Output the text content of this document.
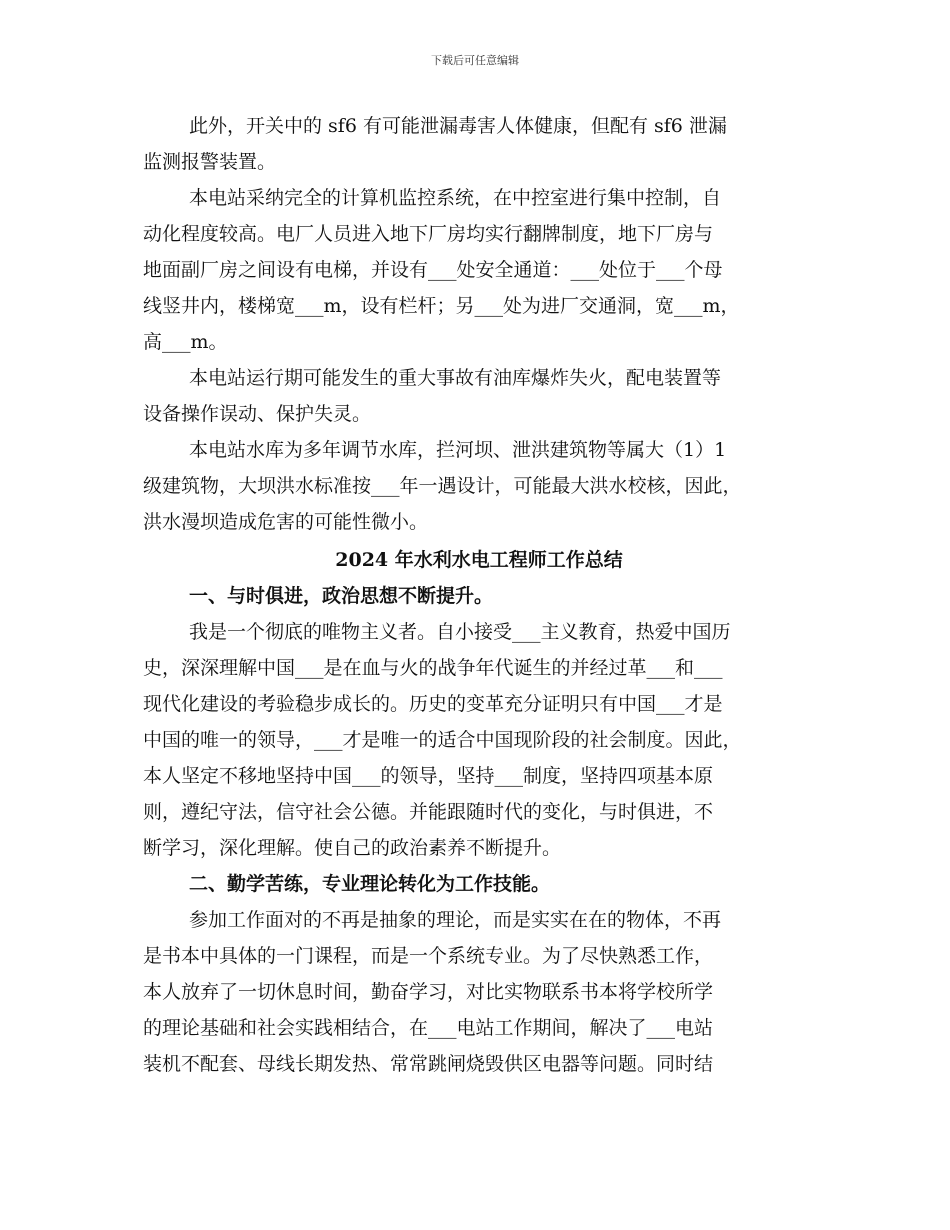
下载后可任意编辑
此外，开关中的 sf6 有可能泄漏毒害人体健康，但配有 sf6 泄漏
监测报警装置。
本电站采纳完全的计算机监控系统，在中控室进行集中控制，自
动化程度较高。电厂人员进入地下厂房均实行翻牌制度，地下厂房与
地面副厂房之间设有电梯，并设有___处安全通道：___处位于___个母
线竖井内，楼梯宽___m，设有栏杆；另___处为进厂交通洞，宽___m，
高___m。
本电站运行期可能发生的重大事故有油库爆炸失火，配电装置等
设备操作误动、保护失灵。
本电站水库为多年调节水库，拦河坝、泄洪建筑物等属大（1）1
级建筑物，大坝洪水标准按___年一遇设计，可能最大洪水校核，因此，
洪水漫坝造成危害的可能性微小。
2024 年水利水电工程师工作总结
一、与时俱进，政治思想不断提升。
我是一个彻底的唯物主义者。自小接受___主义教育，热爱中国历
史，深深理解中国___是在血与火的战争年代诞生的并经过革___和___
现代化建设的考验稳步成长的。历史的变革充分证明只有中国___才是
中国的唯一的领导，___才是唯一的适合中国现阶段的社会制度。因此，
本人坚定不移地坚持中国___的领导，坚持___制度，坚持四项基本原
则，遵纪守法，信守社会公德。并能跟随时代的变化，与时俱进，不
断学习，深化理解。使自己的政治素养不断提升。
二、勤学苦练，专业理论转化为工作技能。
参加工作面对的不再是抽象的理论，而是实实在在的物体，不再
是书本中具体的一门课程，而是一个系统专业。为了尽快熟悉工作，
本人放弃了一切休息时间，勤奋学习，对比实物联系书本将学校所学
的理论基础和社会实践相结合，在___电站工作期间，解决了___电站
装机不配套、母线长期发热、常常跳闸烧毁供区电器等问题。同时结
